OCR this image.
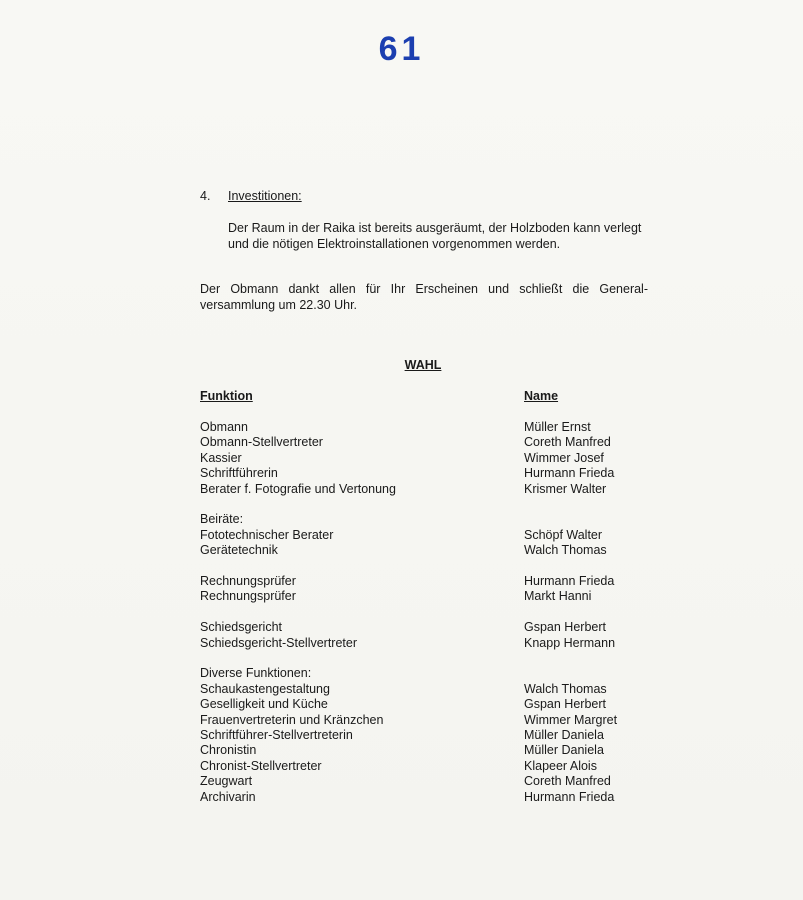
61
4. Investitionen:
Der Raum in der Raika ist bereits ausgeräumt, der Holzboden kann verlegt
und die nötigen Elektroinstallationen vorgenommen werden.
Der Obmann dankt allen für Ihr Erscheinen und schließt die General-
versammlung um 22.30 Uhr.
WAHL
Funktion	Name
Obmann	Müller Ernst
Obmann-Stellvertreter	Coreth Manfred
Kassier	Wimmer Josef
Schriftführerin	Hurmann Frieda
Berater f. Fotografie und Vertonung	Krismer Walter
Beiräte:
Fototechnischer Berater	Schöpf Walter
Gerätetechnik	Walch Thomas
Rechnungsprüfer	Hurmann Frieda
Rechnungsprüfer	Markt Hanni
Schiedsgericht	Gspan Herbert
Schiedsgericht-Stellvertreter	Knapp Hermann
Diverse Funktionen:
Schaukastengestaltung	Walch Thomas
Geselligkeit und Küche	Gspan Herbert
Frauenvertreterin und Kränzchen	Wimmer Margret
Schriftführer-Stellvertreterin	Müller Daniela
Chronistin	Müller Daniela
Chronist-Stellvertreter	Klapeer Alois
Zeugwart	Coreth Manfred
Archivarin	Hurmann Frieda
